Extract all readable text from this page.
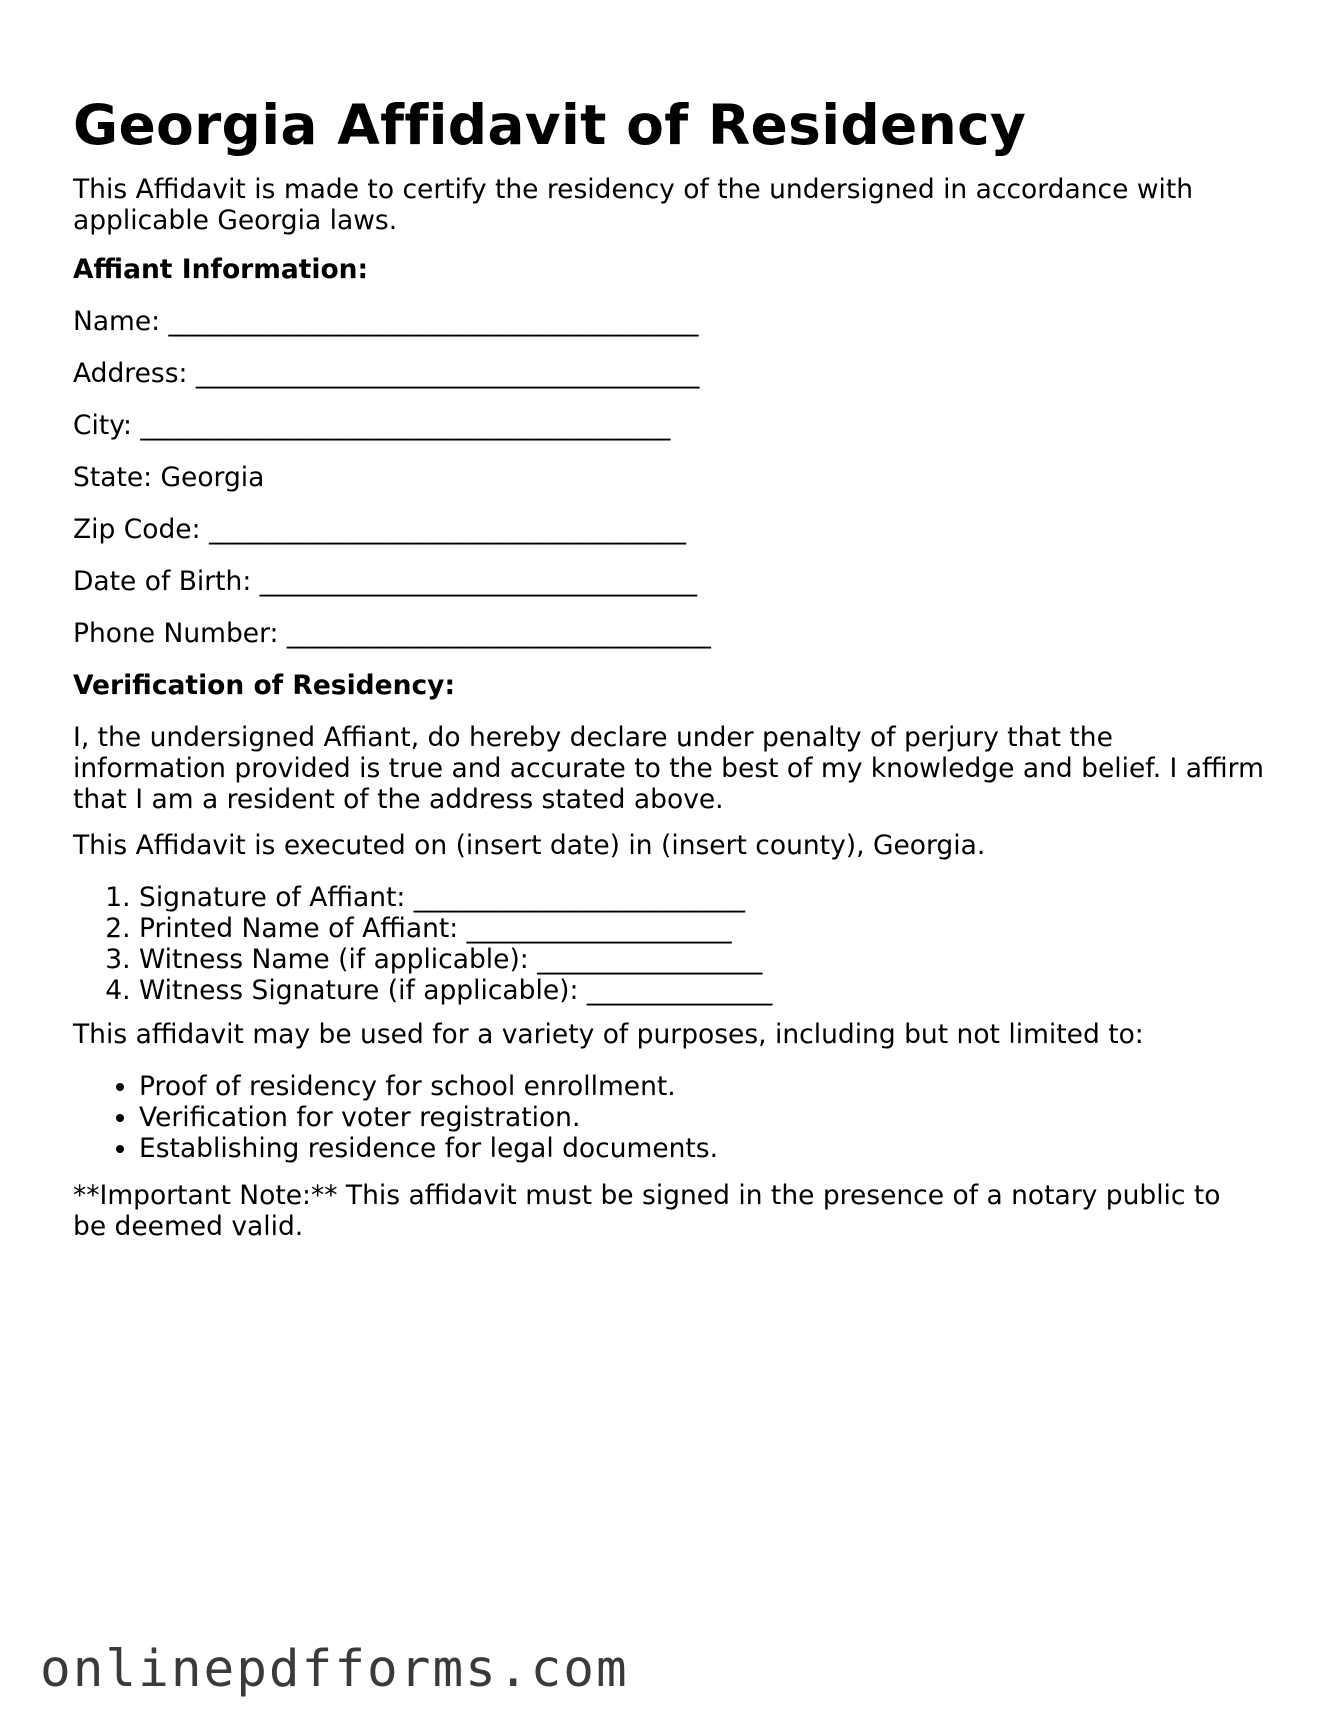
Georgia Affidavit of Residency

This Affidavit is made to certify the residency of the undersigned in accordance with applicable Georgia laws.

Affiant Information:

Name: ________________________________________

Address: ______________________________________

City: ________________________________________

State: Georgia

Zip Code: ____________________________________

Date of Birth: _________________________________

Phone Number: ________________________________

Verification of Residency:

I, the undersigned Affiant, do hereby declare under penalty of perjury that the information provided is true and accurate to the best of my knowledge and belief. I affirm that I am a resident of the address stated above.

This Affidavit is executed on (insert date) in (insert county), Georgia.

1. Signature of Affiant: _________________________
2. Printed Name of Affiant: ____________________
3. Witness Name (if applicable): _________________
4. Witness Signature (if applicable): ______________

This affidavit may be used for a variety of purposes, including but not limited to:

• Proof of residency for school enrollment.
• Verification for voter registration.
• Establishing residence for legal documents.

**Important Note:** This affidavit must be signed in the presence of a notary public to be deemed valid.

onlinepdfforms.com
